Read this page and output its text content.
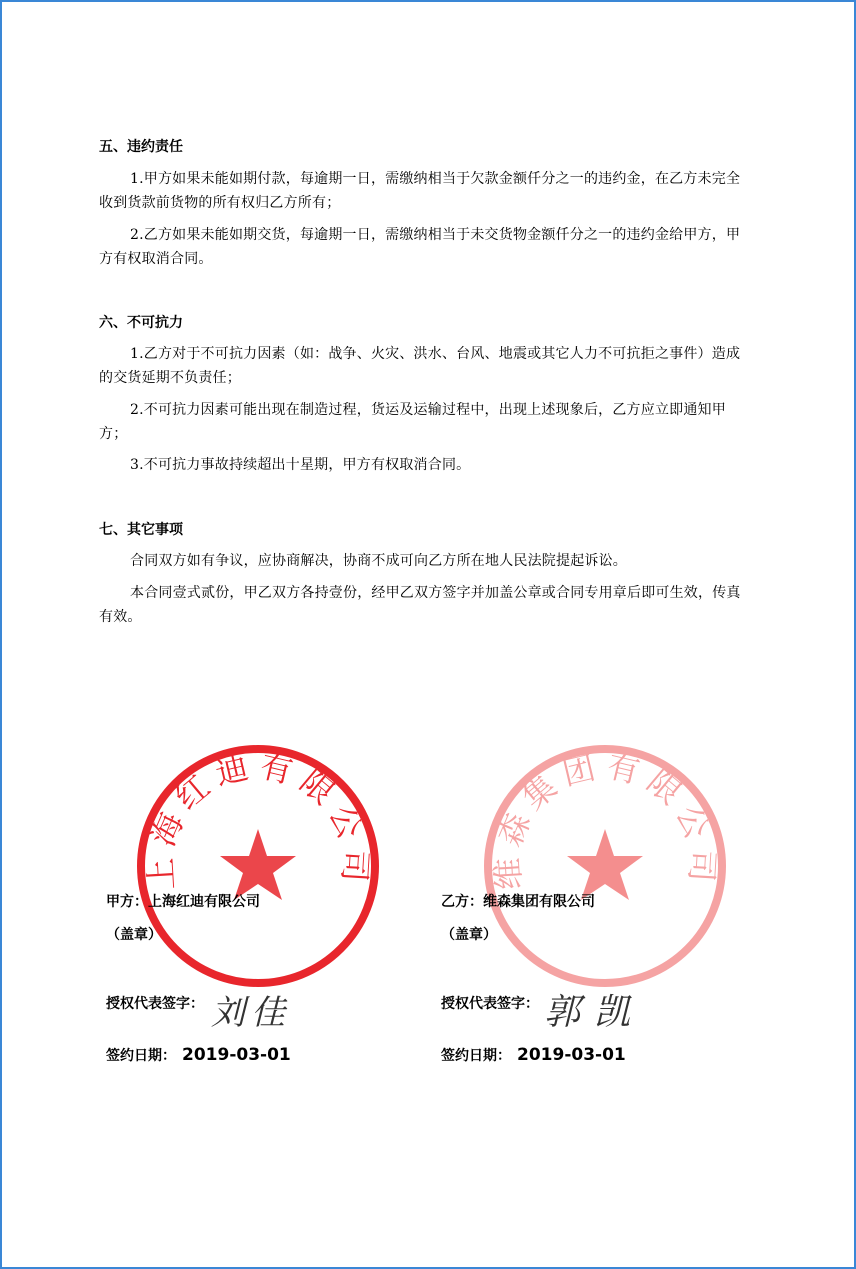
五、违约责任

1.甲方如果未能如期付款，每逾期一日，需缴纳相当于欠款金额仟分之一的违约金，在乙方未完全收到货款前货物的所有权归乙方所有；

2.乙方如果未能如期交货，每逾期一日，需缴纳相当于未交货物金额仟分之一的违约金给甲方，甲方有权取消合同。

六、不可抗力

1.乙方对于不可抗力因素（如：战争、火灾、洪水、台风、地震或其它人力不可抗拒之事件）造成的交货延期不负责任；

2.不可抗力因素可能出现在制造过程，货运及运输过程中，出现上述现象后，乙方应立即通知甲方；

3.不可抗力事故持续超出十星期，甲方有权取消合同。

七、其它事项

合同双方如有争议，应协商解决，协商不成可向乙方所在地人民法院提起诉讼。

本合同壹式贰份，甲乙双方各持壹份，经甲乙双方签字并加盖公章或合同专用章后即可生效，传真有效。

上海红迪有限公司	维森集团有限公司
甲方：上海红迪有限公司
（盖章）
授权代表签字： 刘佳
签约日期： 2019-03-01
乙方：维森集团有限公司
（盖章）
授权代表签字： 郭凯
签约日期： 2019-03-01
